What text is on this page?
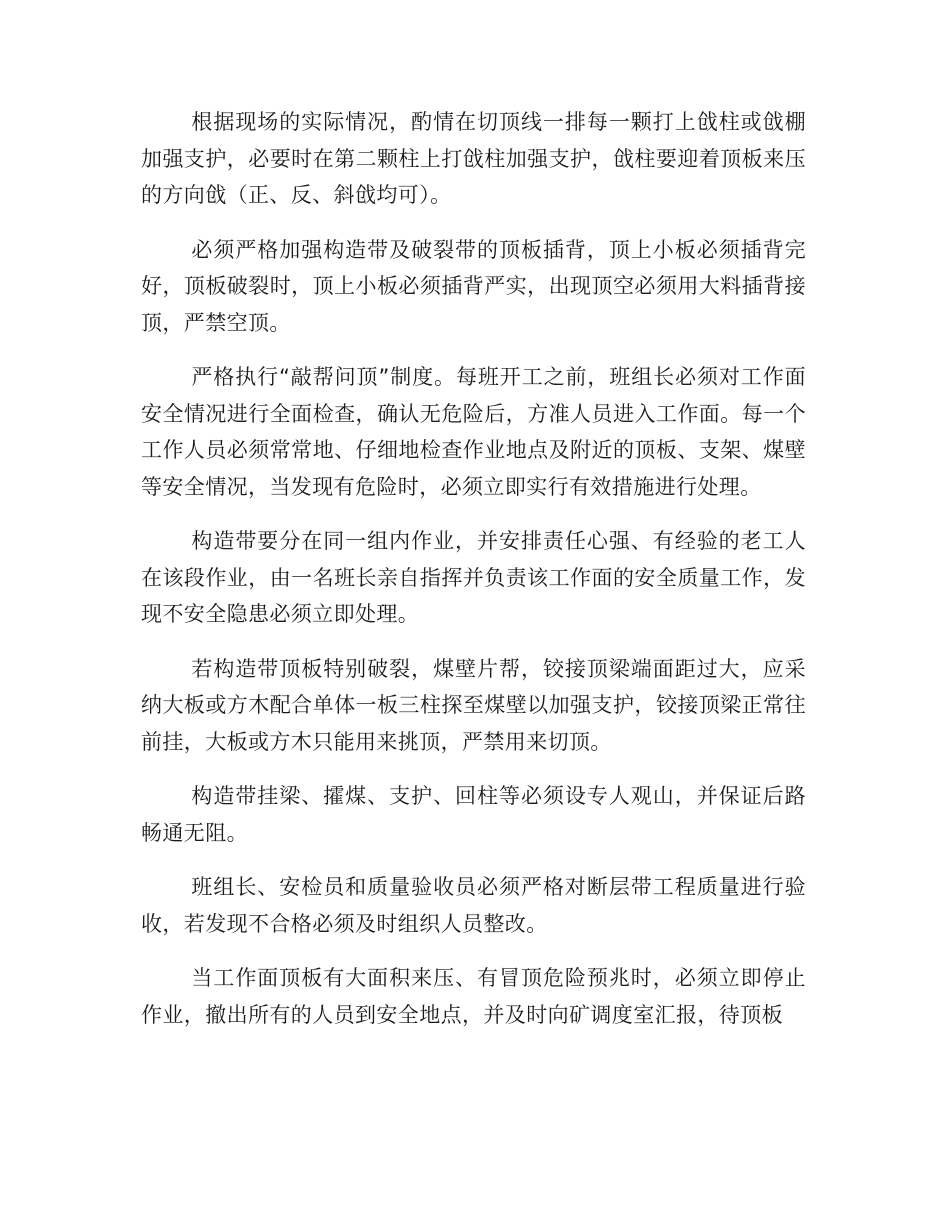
根据现场的实际情况，酌情在切顶线一排每一颗打上戗柱或戗棚加强支护，必要时在第二颗柱上打戗柱加强支护，戗柱要迎着顶板来压的方向戗（正、反、斜戗均可）。

必须严格加强构造带及破裂带的顶板插背，顶上小板必须插背完好，顶板破裂时，顶上小板必须插背严实，出现顶空必须用大料插背接顶，严禁空顶。

严格执行“敲帮问顶”制度。每班开工之前，班组长必须对工作面安全情况进行全面检查，确认无危险后，方准人员进入工作面。每一个工作人员必须常常地、仔细地检查作业地点及附近的顶板、支架、煤壁等安全情况，当发现有危险时，必须立即实行有效措施进行处理。

构造带要分在同一组内作业，并安排责任心强、有经验的老工人在该段作业，由一名班长亲自指挥并负责该工作面的安全质量工作，发现不安全隐患必须立即处理。

若构造带顶板特别破裂，煤壁片帮，铰接顶梁端面距过大，应采纳大板或方木配合单体一板三柱探至煤壁以加强支护，铰接顶梁正常往前挂，大板或方木只能用来挑顶，严禁用来切顶。

构造带挂梁、攉煤、支护、回柱等必须设专人观山，并保证后路畅通无阻。

班组长、安检员和质量验收员必须严格对断层带工程质量进行验收，若发现不合格必须及时组织人员整改。

当工作面顶板有大面积来压、有冒顶危险预兆时，必须立即停止作业，撤出所有的人员到安全地点，并及时向矿调度室汇报，待顶板
